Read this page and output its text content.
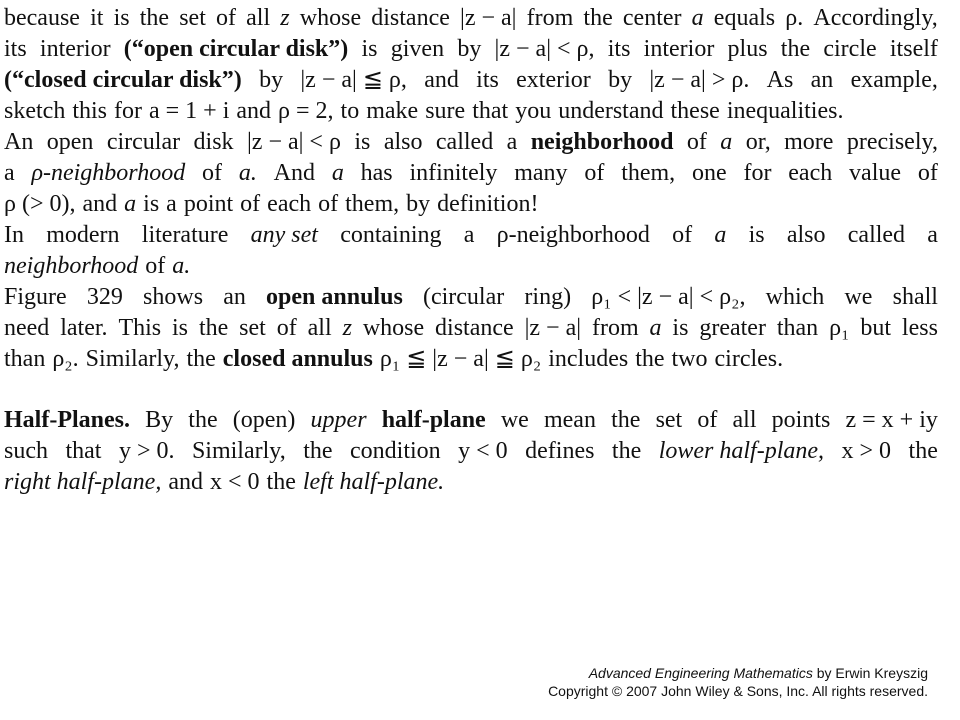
because it is the set of all z whose distance |z − a| from the center a equals ρ. Accordingly,
its interior (“open circular disk”) is given by |z − a| < ρ, its interior plus the circle itself
(“closed circular disk”) by |z − a| ≦ ρ, and its exterior by |z − a| > ρ. As an example,
sketch this for a = 1 + i and ρ = 2, to make sure that you understand these inequalities.
An open circular disk |z − a| < ρ is also called a neighborhood of a or, more precisely,
a ρ-neighborhood of a. And a has infinitely many of them, one for each value of
ρ (> 0), and a is a point of each of them, by definition!
In modern literature any set containing a ρ-neighborhood of a is also called a
neighborhood of a.
Figure 329 shows an open annulus (circular ring) ρ₁ < |z − a| < ρ₂, which we shall
need later. This is the set of all z whose distance |z − a| from a is greater than ρ₁ but less
than ρ₂. Similarly, the closed annulus ρ₁ ≦ |z − a| ≦ ρ₂ includes the two circles.
Half-Planes. By the (open) upper half-plane we mean the set of all points z = x + iy
such that y > 0. Similarly, the condition y < 0 defines the lower half-plane, x > 0 the
right half-plane, and x < 0 the left half-plane.
Advanced Engineering Mathematics by Erwin Kreyszig
Copyright © 2007 John Wiley & Sons, Inc. All rights reserved.
